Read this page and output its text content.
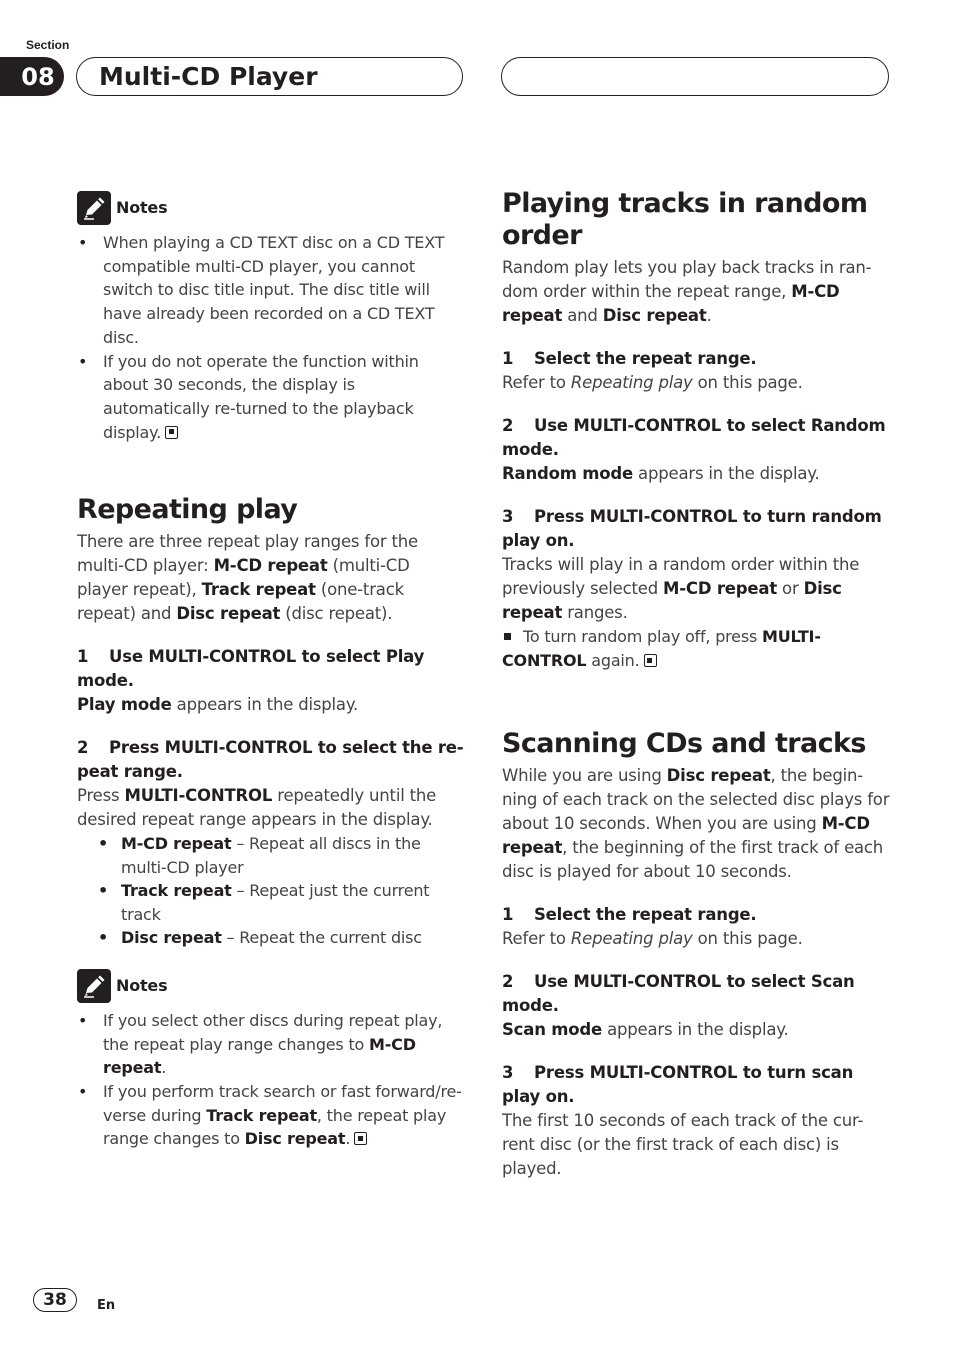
Section
08	Multi-CD Player
Notes
• When playing a CD TEXT disc on a CD TEXT compatible multi-CD player, you cannot switch to disc title input. The disc title will have already been recorded on a CD TEXT disc.
• If you do not operate the function within about 30 seconds, the display is automatically re-turned to the playback display.
Repeating play

There are three repeat play ranges for the multi-CD player: M-CD repeat (multi-CD player repeat), Track repeat (one-track repeat) and Disc repeat (disc repeat).

1 Use MULTI-CONTROL to select Play mode.

Play mode appears in the display.

2 Press MULTI-CONTROL to select the re-peat range.

Press MULTI-CONTROL repeatedly until the desired repeat range appears in the display.

• M-CD repeat – Repeat all discs in the multi-CD player
• Track repeat – Repeat just the current track
• Disc repeat – Repeat the current disc
Notes
• If you select other discs during repeat play, the repeat play range changes to M-CD repeat.
• If you perform track search or fast forward/re-verse during Track repeat, the repeat play range changes to Disc repeat.
Playing tracks in random order

Random play lets you play back tracks in ran-dom order within the repeat range, M-CD repeat and Disc repeat.

1 Select the repeat range.

Refer to Repeating play on this page.

2 Use MULTI-CONTROL to select Random mode.

Random mode appears in the display.

3 Press MULTI-CONTROL to turn random play on.

Tracks will play in a random order within the previously selected M-CD repeat or Disc repeat ranges.

To turn random play off, press MULTI-CONTROL again.

Scanning CDs and tracks

While you are using Disc repeat, the begin-ning of each track on the selected disc plays for about 10 seconds. When you are using M-CD repeat, the beginning of the first track of each disc is played for about 10 seconds.

1 Select the repeat range.

Refer to Repeating play on this page.

2 Use MULTI-CONTROL to select Scan mode.

Scan mode appears in the display.

3 Press MULTI-CONTROL to turn scan play on.

The first 10 seconds of each track of the cur-rent disc (or the first track of each disc) is played.

38	En
